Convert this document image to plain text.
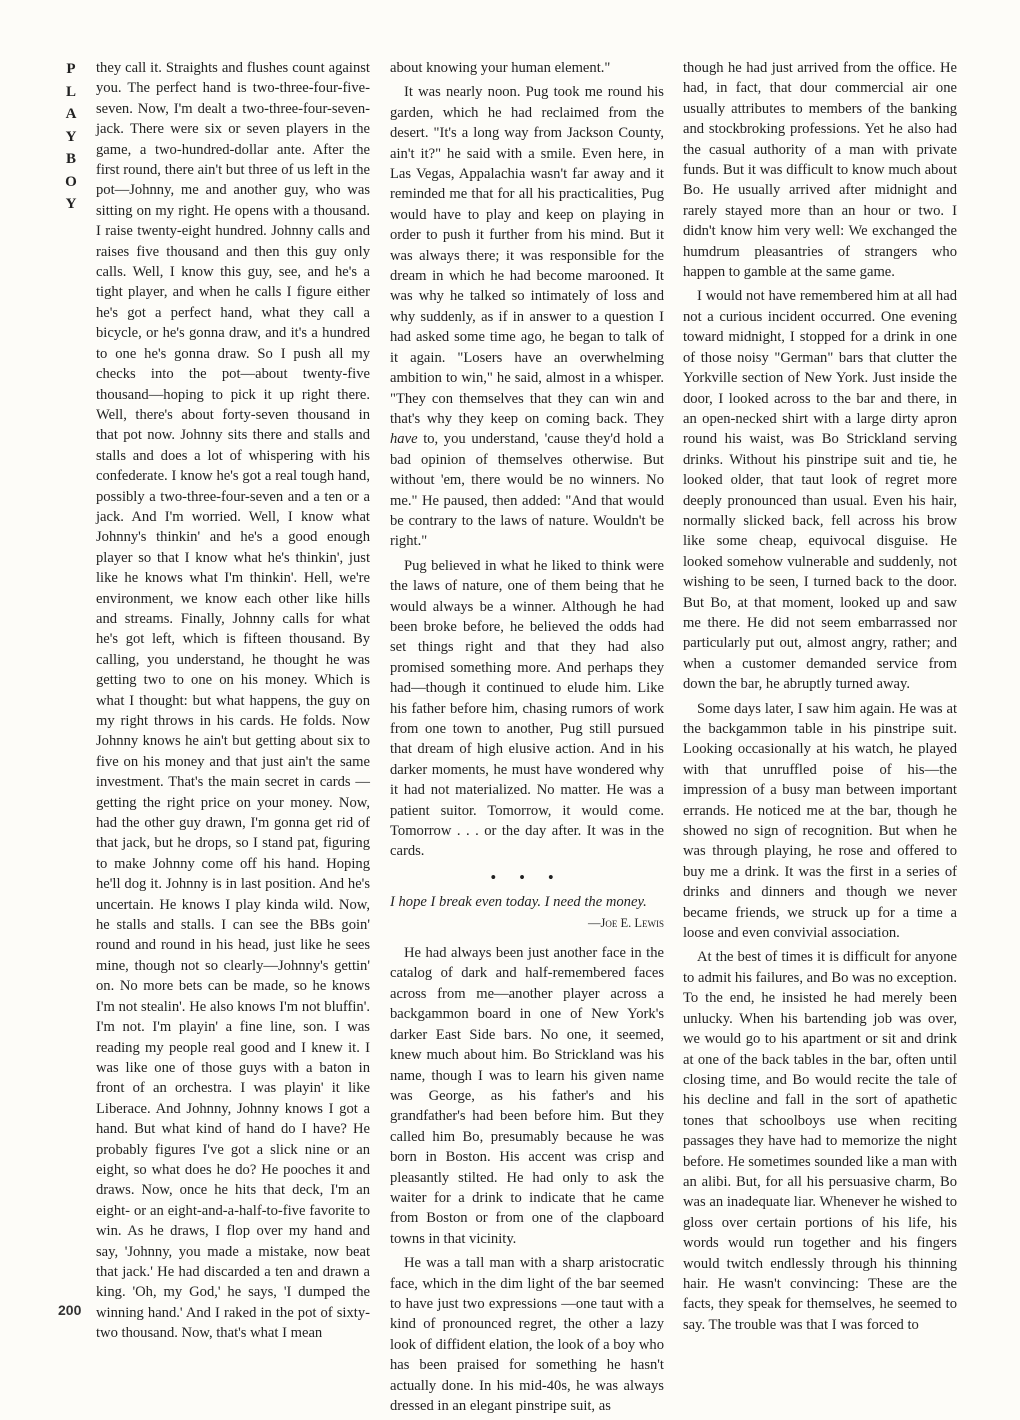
P
L
A
Y
B
O
Y

they call it. Straights and flushes count against you. The perfect hand is two-three-four-five-seven. Now, I'm dealt a two-three-four-seven-jack. There were six or seven players in the game, a two-hundred-dollar ante. After the first round, there ain't but three of us left in the pot—Johnny, me and another guy, who was sitting on my right. He opens with a thousand. I raise twenty-eight hundred. Johnny calls and raises five thousand and then this guy only calls. Well, I know this guy, see, and he's a tight player, and when he calls I figure either he's got a perfect hand, what they call a bicycle, or he's gonna draw, and it's a hundred to one he's gonna draw. So I push all my checks into the pot—about twenty-five thousand—hoping to pick it up right there. Well, there's about forty-seven thousand in that pot now. Johnny sits there and stalls and stalls and does a lot of whispering with his confederate. I know he's got a real tough hand, possibly a two-three-four-seven and a ten or a jack. And I'm worried. Well, I know what Johnny's thinkin' and he's a good enough player so that I know what he's thinkin', just like he knows what I'm thinkin'. Hell, we're environment, we know each other like hills and streams. Finally, Johnny calls for what he's got left, which is fifteen thousand. By calling, you understand, he thought he was getting two to one on his money. Which is what I thought: but what happens, the guy on my right throws in his cards. He folds. Now Johnny knows he ain't but getting about six to five on his money and that just ain't the same investment. That's the main secret in cards —getting the right price on your money. Now, had the other guy drawn, I'm gonna get rid of that jack, but he drops, so I stand pat, figuring to make Johnny come off his hand. Hoping he'll dog it. Johnny is in last position. And he's uncertain. He knows I play kinda wild. Now, he stalls and stalls. I can see the BBs goin' round and round in his head, just like he sees mine, though not so clearly—Johnny's gettin' on. No more bets can be made, so he knows I'm not stealin'. He also knows I'm not bluffin'. I'm not. I'm playin' a fine line, son. I was reading my people real good and I knew it. I was like one of those guys with a baton in front of an orchestra. I was playin' it like Liberace. And Johnny, Johnny knows I got a hand. But what kind of hand do I have? He probably figures I've got a slick nine or an eight, so what does he do? He pooches it and draws. Now, once he hits that deck, I'm an eight- or an eight-and-a-half-to-five favorite to win. As he draws, I flop over my hand and say, 'Johnny, you made a mistake, now beat that jack.' He had discarded a ten and drawn a king. 'Oh, my God,' he says, 'I dumped the winning hand.' And I raked in the pot of sixty-two thousand. Now, that's what I mean

about knowing your human element."

It was nearly noon. Pug took me round his garden, which he had reclaimed from the desert. "It's a long way from Jackson County, ain't it?" he said with a smile. Even here, in Las Vegas, Appalachia wasn't far away and it reminded me that for all his practicalities, Pug would have to play and keep on playing in order to push it further from his mind. But it was always there; it was responsible for the dream in which he had become marooned. It was why he talked so intimately of loss and why suddenly, as if in answer to a question I had asked some time ago, he began to talk of it again. "Losers have an overwhelming ambition to win," he said, almost in a whisper. "They con themselves that they can win and that's why they keep on coming back. They have to, you understand, 'cause they'd hold a bad opinion of themselves otherwise. But without 'em, there would be no winners. No me." He paused, then added: "And that would be contrary to the laws of nature. Wouldn't be right."

Pug believed in what he liked to think were the laws of nature, one of them being that he would always be a winner. Although he had been broke before, he believed the odds had set things right and that they had also promised something more. And perhaps they had—though it continued to elude him. Like his father before him, chasing rumors of work from one town to another, Pug still pursued that dream of high elusive action. And in his darker moments, he must have wondered why it had not materialized. No matter. He was a patient suitor. Tomorrow, it would come. Tomorrow . . . or the day after. It was in the cards.

• • •
I hope I break even today. I need the money.
—Joe E. Lewis

He had always been just another face in the catalog of dark and half-remembered faces across from me—another player across a backgammon board in one of New York's darker East Side bars. No one, it seemed, knew much about him. Bo Strickland was his name, though I was to learn his given name was George, as his father's and his grandfather's had been before him. But they called him Bo, presumably because he was born in Boston. His accent was crisp and pleasantly stilted. He had only to ask the waiter for a drink to indicate that he came from Boston or from one of the clapboard towns in that vicinity.

He was a tall man with a sharp aristocratic face, which in the dim light of the bar seemed to have just two expressions —one taut with a kind of pronounced regret, the other a lazy look of diffident elation, the look of a boy who has been praised for something he hasn't actually done. In his mid-40s, he was always dressed in an elegant pinstripe suit, as

though he had just arrived from the office. He had, in fact, that dour commercial air one usually attributes to members of the banking and stockbroking professions. Yet he also had the casual authority of a man with private funds. But it was difficult to know much about Bo. He usually arrived after midnight and rarely stayed more than an hour or two. I didn't know him very well: We exchanged the humdrum pleasantries of strangers who happen to gamble at the same game.

I would not have remembered him at all had not a curious incident occurred. One evening toward midnight, I stopped for a drink in one of those noisy "German" bars that clutter the Yorkville section of New York. Just inside the door, I looked across to the bar and there, in an open-necked shirt with a large dirty apron round his waist, was Bo Strickland serving drinks. Without his pinstripe suit and tie, he looked older, that taut look of regret more deeply pronounced than usual. Even his hair, normally slicked back, fell across his brow like some cheap, equivocal disguise. He looked somehow vulnerable and suddenly, not wishing to be seen, I turned back to the door. But Bo, at that moment, looked up and saw me there. He did not seem embarrassed nor particularly put out, almost angry, rather; and when a customer demanded service from down the bar, he abruptly turned away.

Some days later, I saw him again. He was at the backgammon table in his pinstripe suit. Looking occasionally at his watch, he played with that unruffled poise of his—the impression of a busy man between important errands. He noticed me at the bar, though he showed no sign of recognition. But when he was through playing, he rose and offered to buy me a drink. It was the first in a series of drinks and dinners and though we never became friends, we struck up for a time a loose and even convivial association.

At the best of times it is difficult for anyone to admit his failures, and Bo was no exception. To the end, he insisted he had merely been unlucky. When his bartending job was over, we would go to his apartment or sit and drink at one of the back tables in the bar, often until closing time, and Bo would recite the tale of his decline and fall in the sort of apathetic tones that schoolboys use when reciting passages they have had to memorize the night before. He sometimes sounded like a man with an alibi. But, for all his persuasive charm, Bo was an inadequate liar. Whenever he wished to gloss over certain portions of his life, his words would run together and his fingers would twitch endlessly through his thinning hair. He wasn't convincing: These are the facts, they speak for themselves, he seemed to say. The trouble was that I was forced to

200
